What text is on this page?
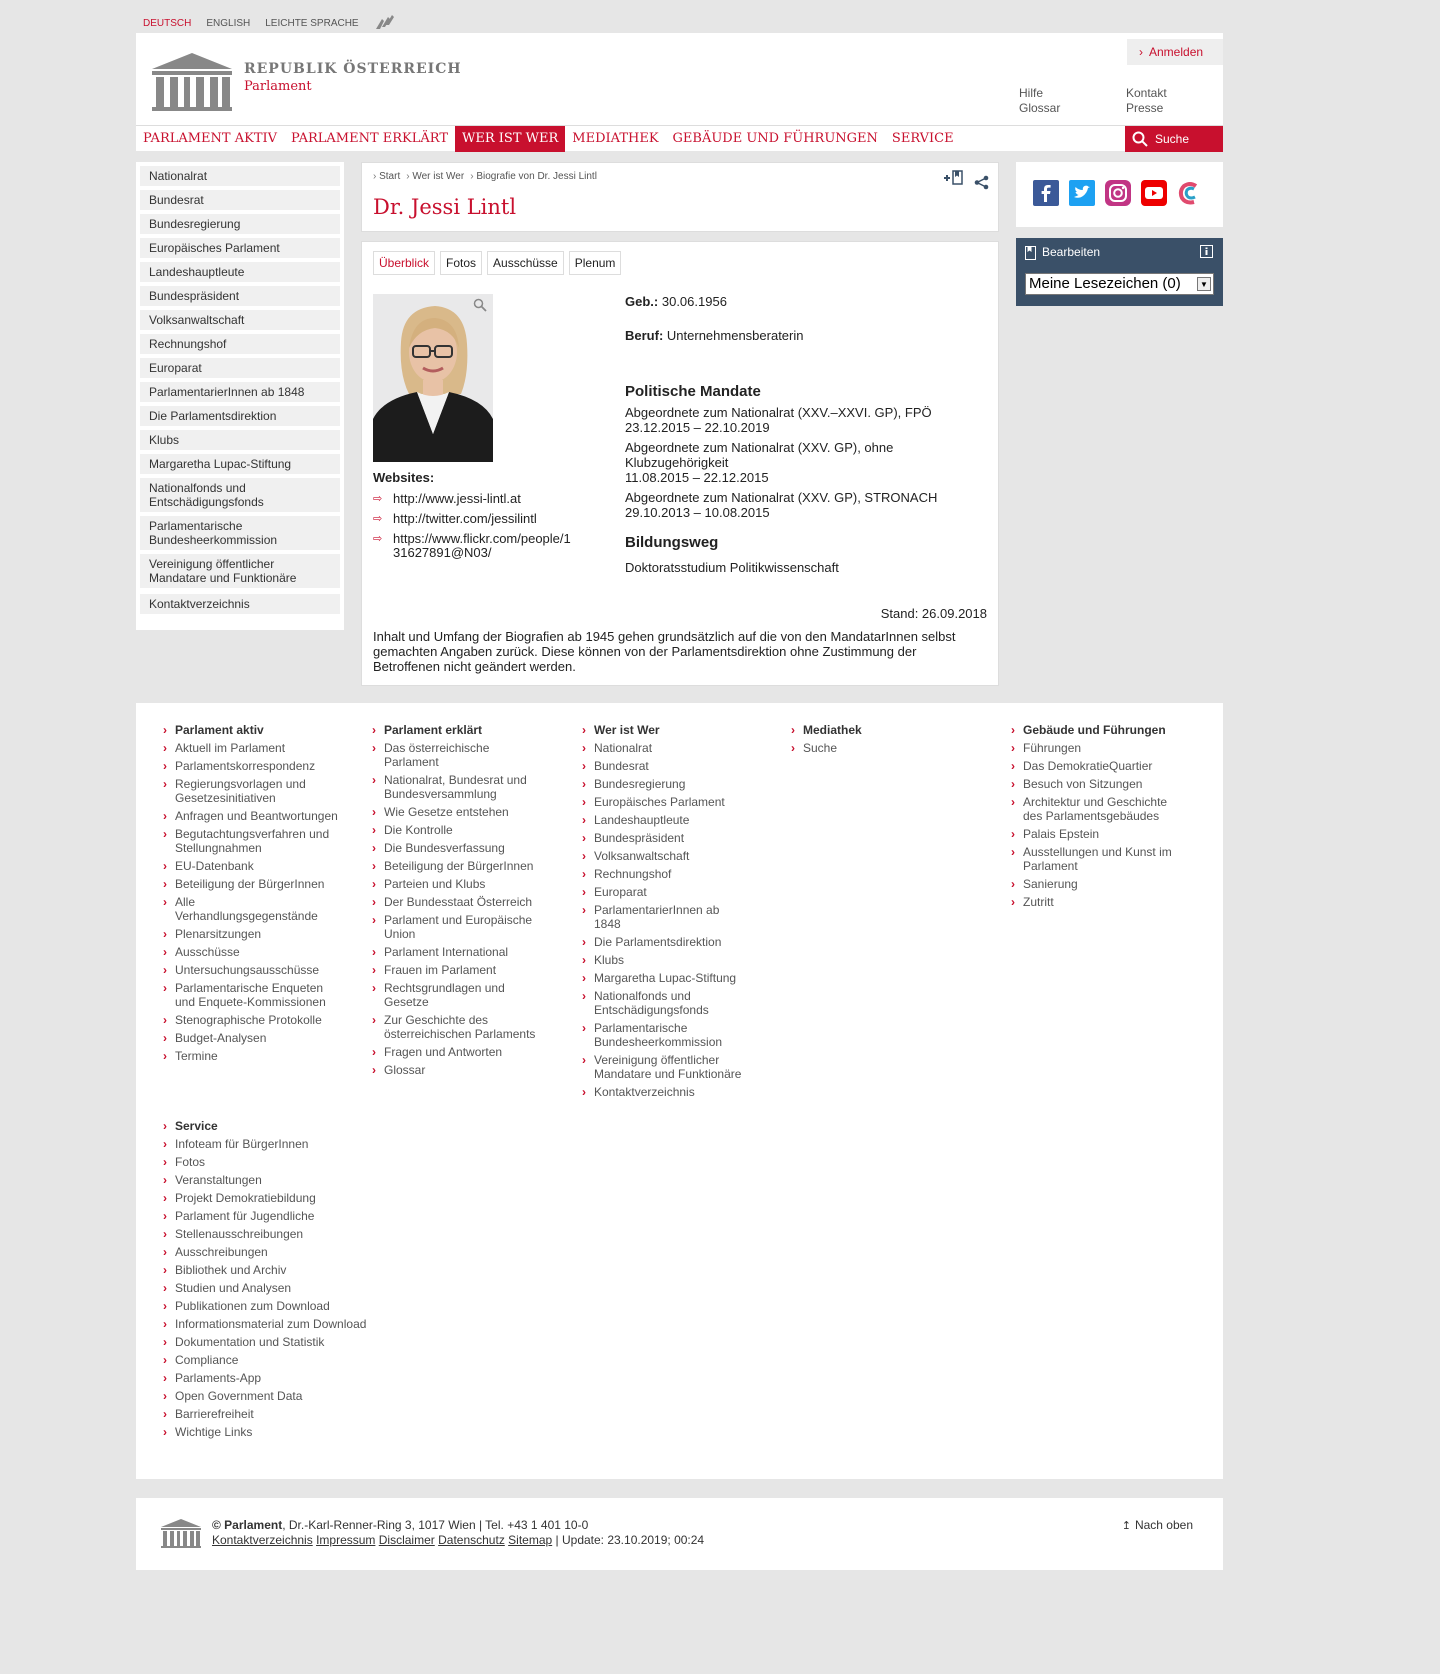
DEUTSCH ENGLISH LEICHTE SPRACHE
REPUBLIK ÖSTERREICH
Parlament
› Anmelden
Hilfe
Glossar
Kontakt
Presse
PARLAMENT AKTIV	PARLAMENT ERKLÄRT	WER IST WER	MEDIATHEK	GEBÄUDE UND FÜHRUNGEN	SERVICE	Suche
Nationalrat
Bundesrat
Bundesregierung
Europäisches Parlament
Landeshauptleute
Bundespräsident
Volksanwaltschaft
Rechnungshof
Europarat
ParlamentarierInnen ab 1848
Die Parlamentsdirektion
Klubs
Margaretha Lupac-Stiftung
Nationalfonds und Entschädigungsfonds
Parlamentarische Bundesheerkommission
Vereinigung öffentlicher Mandatare und Funktionäre
Kontaktverzeichnis
› Start	› Wer ist Wer	› Biografie von Dr. Jessi Lintl
Dr. Jessi Lintl
Überblick	Fotos	Ausschüsse	Plenum
Websites:
⇨ http://www.jessi-lintl.at
⇨ http://twitter.com/jessilintl
⇨ https://www.flickr.com/people/131627891@N03/
Geb.: 30.06.1956
Beruf: Unternehmensberaterin
Politische Mandate
Abgeordnete zum Nationalrat (XXV.–XXVI. GP), FPÖ
23.12.2015 – 22.10.2019
Abgeordnete zum Nationalrat (XXV. GP), ohne Klubzugehörigkeit
11.08.2015 – 22.12.2015
Abgeordnete zum Nationalrat (XXV. GP), STRONACH
29.10.2013 – 10.08.2015
Bildungsweg
Doktoratsstudium Politikwissenschaft
Stand: 26.09.2018
Inhalt und Umfang der Biografien ab 1945 gehen grundsätzlich auf die von den MandatarInnen selbst gemachten Angaben zurück. Diese können von der Parlamentsdirektion ohne Zustimmung der Betroffenen nicht geändert werden.
Bearbeiten
Meine Lesezeichen (0)	▼
› Parlament aktiv
› Aktuell im Parlament
› Parlamentskorrespondenz
› Regierungsvorlagen und Gesetzesinitiativen
› Anfragen und Beantwortungen
› Begutachtungsverfahren und Stellungnahmen
› EU-Datenbank
› Beteiligung der BürgerInnen
› Alle Verhandlungsgegenstände
› Plenarsitzungen
› Ausschüsse
› Untersuchungsausschüsse
› Parlamentarische Enqueten und Enquete-Kommissionen
› Stenographische Protokolle
› Budget-Analysen
› Termine
› Parlament erklärt
› Das österreichische Parlament
› Nationalrat, Bundesrat und Bundesversammlung
› Wie Gesetze entstehen
› Die Kontrolle
› Die Bundesverfassung
› Beteiligung der BürgerInnen
› Parteien und Klubs
› Der Bundesstaat Österreich
› Parlament und Europäische Union
› Parlament International
› Frauen im Parlament
› Rechtsgrundlagen und Gesetze
› Zur Geschichte des österreichischen Parlaments
› Fragen und Antworten
› Glossar
› Wer ist Wer
› Nationalrat
› Bundesrat
› Bundesregierung
› Europäisches Parlament
› Landeshauptleute
› Bundespräsident
› Volksanwaltschaft
› Rechnungshof
› Europarat
› ParlamentarierInnen ab 1848
› Die Parlamentsdirektion
› Klubs
› Margaretha Lupac-Stiftung
› Nationalfonds und Entschädigungsfonds
› Parlamentarische Bundesheerkommission
› Vereinigung öffentlicher Mandatare und Funktionäre
› Kontaktverzeichnis
› Mediathek
› Suche
› Gebäude und Führungen
› Führungen
› Das DemokratieQuartier
› Besuch von Sitzungen
› Architektur und Geschichte des Parlamentsgebäudes
› Palais Epstein
› Ausstellungen und Kunst im Parlament
› Sanierung
› Zutritt
› Service
› Infoteam für BürgerInnen
› Fotos
› Veranstaltungen
› Projekt Demokratiebildung
› Parlament für Jugendliche
› Stellenausschreibungen
› Ausschreibungen
› Bibliothek und Archiv
› Studien und Analysen
› Publikationen zum Download
› Informationsmaterial zum Download
› Dokumentation und Statistik
› Compliance
› Parlaments-App
› Open Government Data
› Barrierefreiheit
› Wichtige Links
© Parlament, Dr.-Karl-Renner-Ring 3, 1017 Wien | Tel. +43 1 401 10-0
Kontaktverzeichnis Impressum Disclaimer Datenschutz Sitemap | Update: 23.10.2019; 00:24
↥ Nach oben
